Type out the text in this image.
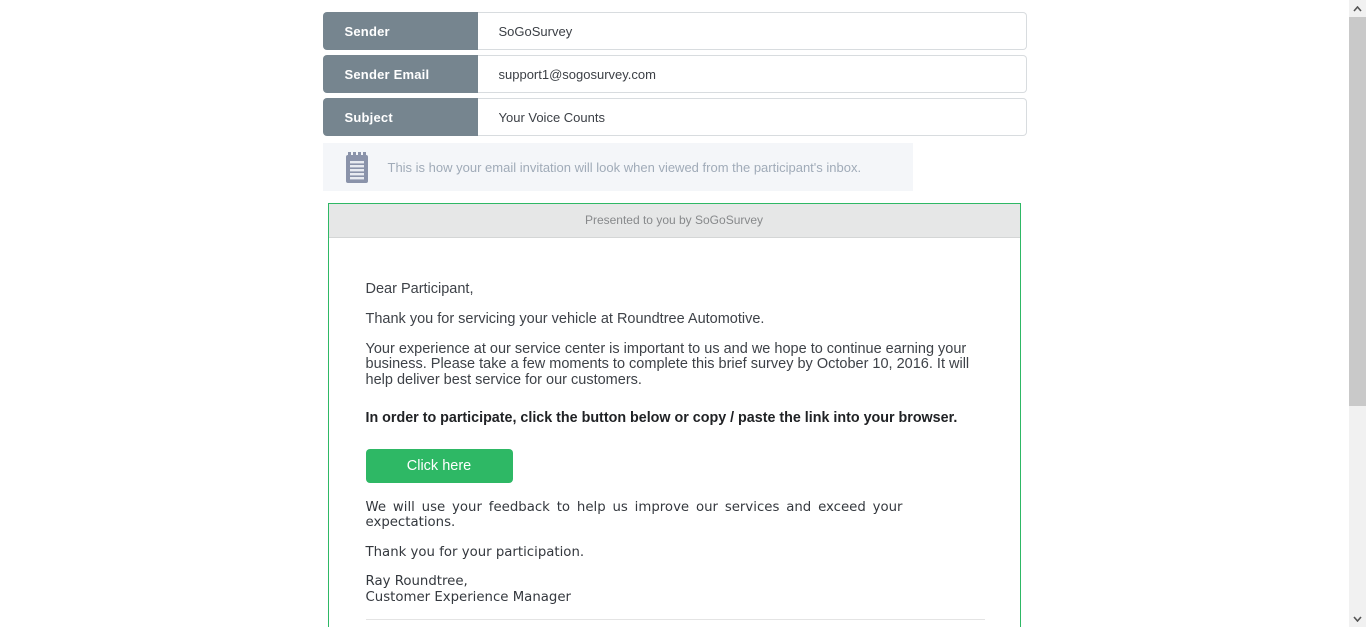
Sender
SoGoSurvey
Sender Email
support1@sogosurvey.com
Subject
Your Voice Counts
This is how your email invitation will look when viewed from the participant's inbox.
Presented to you by SoGoSurvey

Dear Participant,

Thank you for servicing your vehicle at Roundtree Automotive.

Your experience at our service center is important to us and we hope to continue earning your business. Please take a few moments to complete this brief survey by October 10, 2016. It will help deliver best service for our customers.

In order to participate, click the button below or copy / paste the link into your browser.

Click here

We will use your feedback to help us improve our services and exceed your expectations.

Thank you for your participation.

Ray Roundtree,

Customer Experience Manager
